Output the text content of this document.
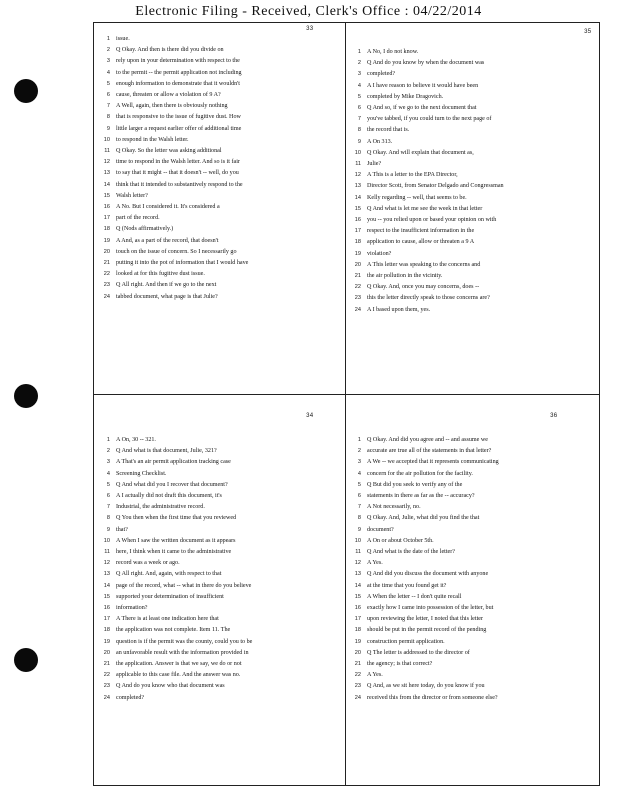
Electronic Filing - Received, Clerk's Office : 04/22/2014
33
1 issue.
2 Q Okay. And then is there did you divide on
3 rely upon in your determination with respect to the
4 to the permit -- the permit application not including
5 enough information to demonstrate that it wouldn't
6 cause, threaten or allow a violation of 9 A?
7 A Well, again, then there is obviously nothing
8 that is responsive to the issue of fugitive dust. How
9 little larger a request earlier offer of additional time
10 to respond in the Walsh letter.
11 Q Okay. So the letter was asking additional
12 time to respond in the Walsh letter. And so is it fair
13 to say that it might -- that it doesn't -- well, do you
14 think that it intended to substantively respond to the
15 Walsh letter?
16 A No. But I considered it. It's considered a
17 part of the record.
18 Q (Nods affirmatively.)
19 A And, as a part of the record, that doesn't
20 touch on the issue of concern. So I necessarily go
21 putting it into the pot of information that I would have
22 looked at for this fugitive dust issue.
23 Q All right. And then if we go to the next
24 tabbed document, what page is that Julie?
35
1 A No, I do not know.
2 Q And do you know by when the document was
3 completed?
4 A I have reason to believe it would have been
5 completed by Mike Dragovich.
6 Q And so, if we go to the next document that
7 you've tabbed, if you could turn to the next page of
8 the record that is.
9 A On 313.
10 Q Okay. And will explain that document as,
11 Julie?
12 A This is a letter to the EPA Director,
13 Director Scott, from Senator Delgado and Congressman
14 Kelly regarding -- well, that seems to be.
15 Q And what is let me see the week in that letter
16 you -- you relied upon or based your opinion on with
17 respect to the insufficient information in the
18 application to cause, allow or threaten a 9 A
19 violation?
20 A This letter was speaking to the concerns and
21 the air pollution in the vicinity.
22 Q Okay. And, once you may concerns, does --
23 this the letter directly speak to those concerns are?
24 A I based upon them, yes.
34
1 A On, 30 -- 321.
2 Q And what is that document, Julie, 321?
3 A That's an air permit application tracking case
4 Screening Checklist.
5 Q And what did you I recover that document?
6 A I actually did not draft this document, it's
7 Industrial, the administrative record.
8 Q You then when the first time that you reviewed
9 that?
10 A When I saw the written document as it appears
11 here, I think when it came to the administrative
12 record was a week or ago.
13 Q All right. And, again, with respect to that
14 page of the record, what -- what in there do you believe
15 supported your determination of insufficient
16 information?
17 A There is at least one indication here that
18 the application was not complete. Item 11. The
19 question is if the permit was the county, could you to be
20 an unfavorable result with the information provided in
21 the application. Answer is that we say, we do or not
22 applicable to this case file. And the answer was no.
23 Q And do you know who that document was
24 completed?
36
1 Q Okay. And did you agree and -- and assume we
2 accurate are true all of the statements in that letter?
3 A We -- we accepted that it represents communicating
4 concern for the air pollution for the facility.
5 Q But did you seek to verify any of the
6 statements in there as far as the -- accuracy?
7 A Not necessarily, no.
8 Q Okay. And, Julie, what did you find the that
9 document?
10 A On or about October 5th.
11 Q And what is the date of the letter?
12 A Yes.
13 Q And did you discuss the document with anyone
14 at the time that you found get it?
15 A When the letter -- I don't quite recall
16 exactly how I came into possession of the letter, but
17 upon reviewing the letter, I noted that this letter
18 should be put in the permit record of the pending
19 construction permit application.
20 Q The letter is addressed to the director of
21 the agency; is that correct?
22 A Yes.
23 Q And, as we sit here today, do you know if you
24 received this from the director or from someone else?
